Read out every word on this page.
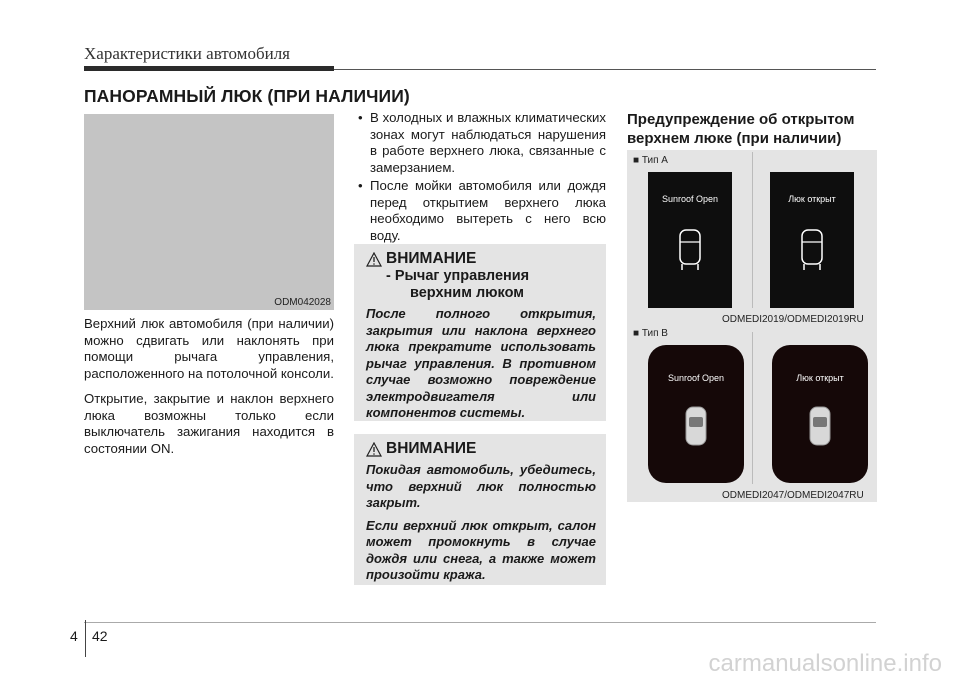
Характеристики автомобиля
ПАНОРАМНЫЙ ЛЮК (ПРИ НАЛИЧИИ)
ODM042028
Верхний люк автомобиля (при наличии) можно сдвигать или наклонять при помощи рычага управления, расположенного на потолочной консоли.
Открытие, закрытие и наклон верхнего люка возможны только если выключатель зажигания находится в состоянии ON.
• В холодных и влажных климатических зонах могут наблюдаться нарушения в работе верхнего люка, связанные с замерзанием.
• После мойки автомобиля или дождя перед открытием верхнего люка необходимо вытереть с него всю воду.
ВНИМАНИЕ
- Рычаг управления
верхним люком

После полного открытия, закрытия или наклона верхнего люка прекратите использовать рычаг управления. В противном случае возможно повреждение электродвигателя или компонентов системы.

ВНИМАНИЕ

Покидая автомобиль, убедитесь, что верхний люк полностью закрыт.

Если верхний люк открыт, салон может промокнуть в случае дождя или снега, а также может произойти кража.

Предупреждение об открытом верхнем люке (при наличии)
■ Тип А
■ Тип В
Sunroof Open	Люк открыт
ODMEDI2019/ODMEDI2019RU
Sunroof Open	Люк открыт
ODMEDI2047/ODMEDI2047RU
4 42
carmanualsonline.info
